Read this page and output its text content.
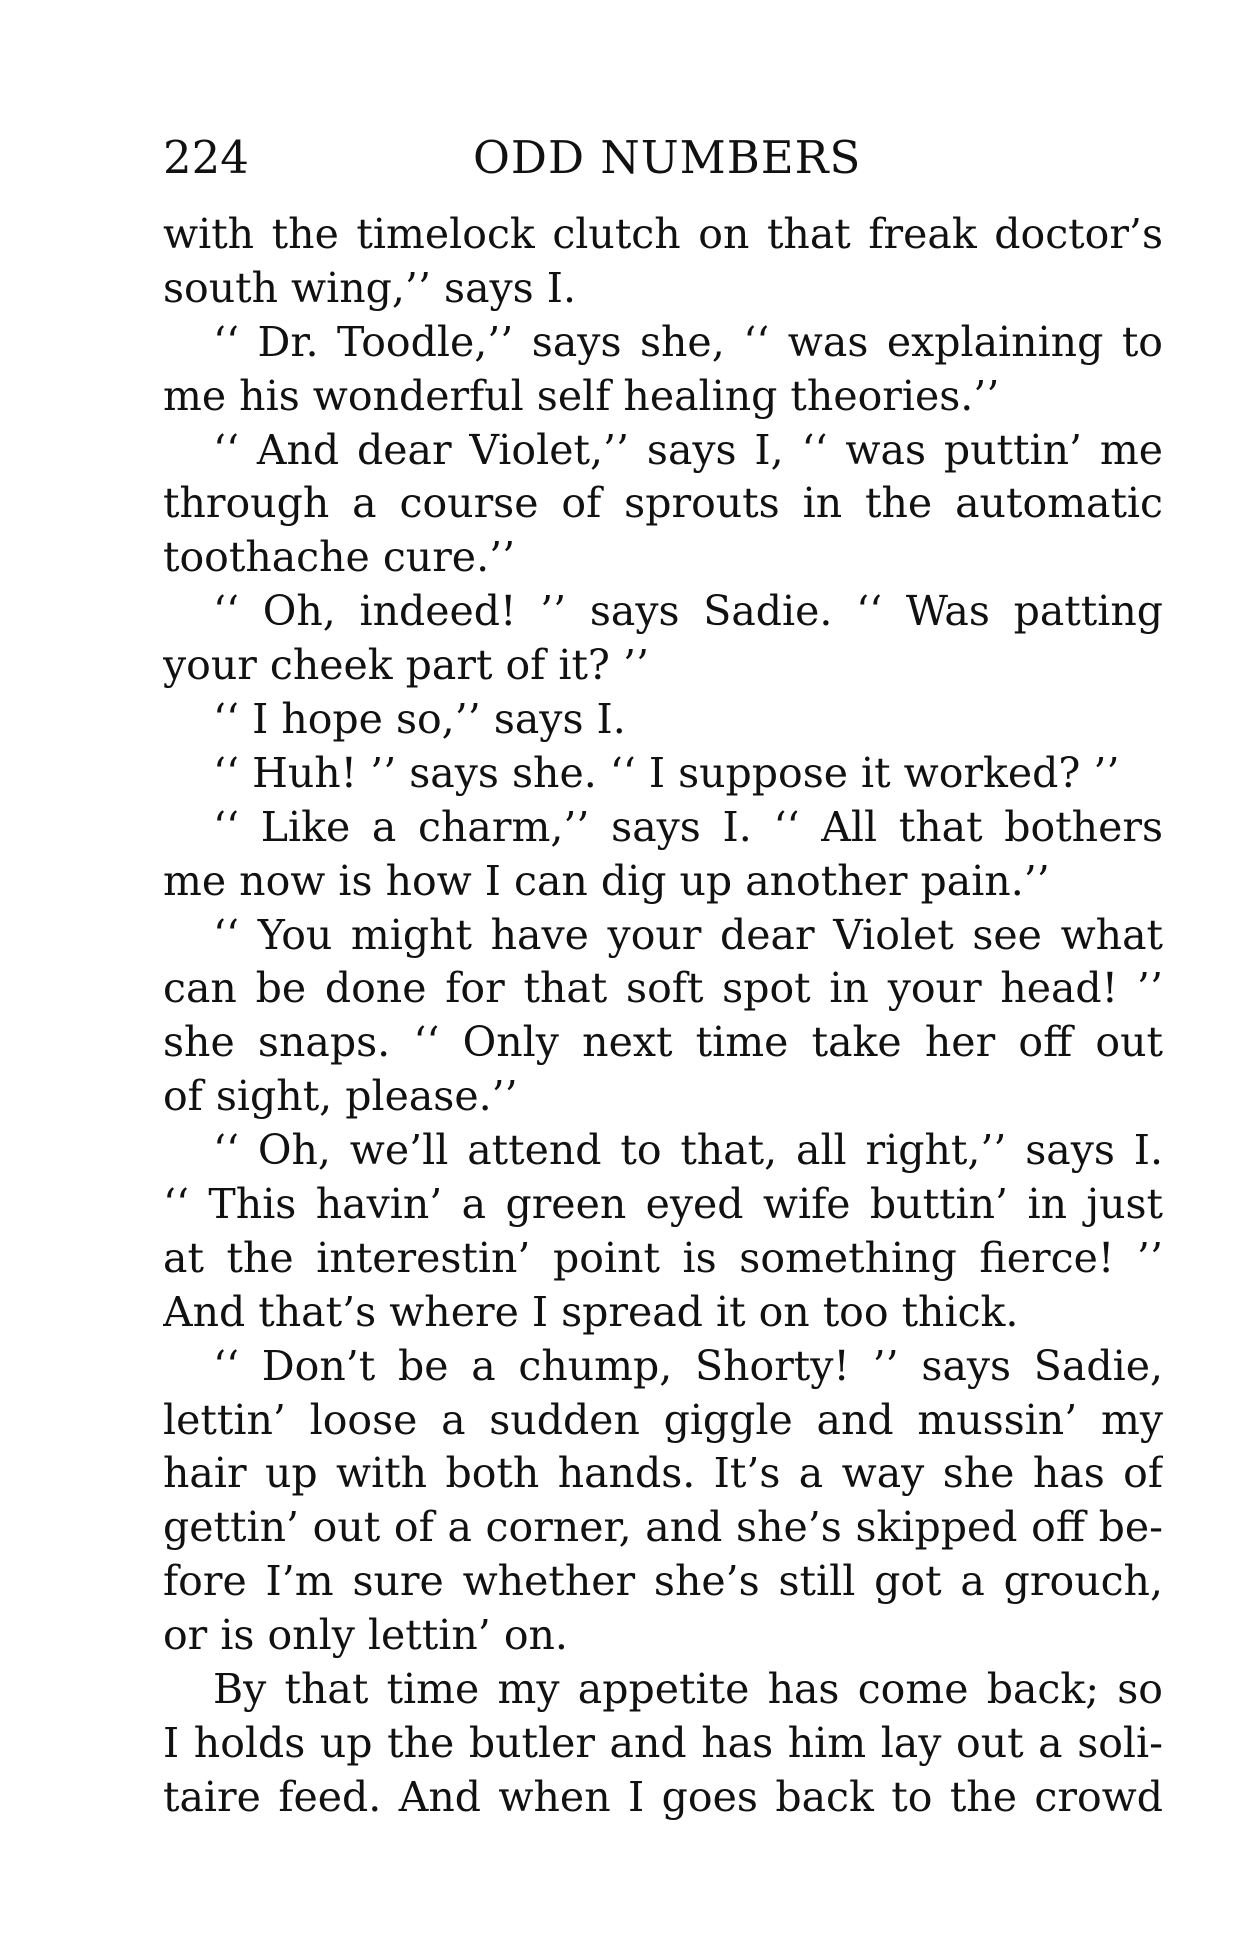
224	ODD NUMBERS
with the timelock clutch on that freak doctor’s
south wing,’’ says I.
‘‘ Dr. Toodle,’’ says she, ‘‘ was explaining to
me his wonderful self healing theories.’’
‘‘ And dear Violet,’’ says I, ‘‘ was puttin’ me
through a course of sprouts in the automatic
toothache cure.’’
‘‘ Oh, indeed! ’’ says Sadie. ‘‘ Was patting
your cheek part of it? ’’
‘‘ I hope so,’’ says I.
‘‘ Huh! ’’ says she. ‘‘ I suppose it worked? ’’
‘‘ Like a charm,’’ says I. ‘‘ All that bothers
me now is how I can dig up another pain.’’
‘‘ You might have your dear Violet see what
can be done for that soft spot in your head! ’’
she snaps. ‘‘ Only next time take her off out
of sight, please.’’
‘‘ Oh, we’ll attend to that, all right,’’ says I.
‘‘ This havin’ a green eyed wife buttin’ in just
at the interestin’ point is something fierce! ’’
And that’s where I spread it on too thick.
‘‘ Don’t be a chump, Shorty! ’’ says Sadie,
lettin’ loose a sudden giggle and mussin’ my
hair up with both hands. It’s a way she has of
gettin’ out of a corner, and she’s skipped off be-
fore I’m sure whether she’s still got a grouch,
or is only lettin’ on.
By that time my appetite has come back; so
I holds up the butler and has him lay out a soli-
taire feed. And when I goes back to the crowd
